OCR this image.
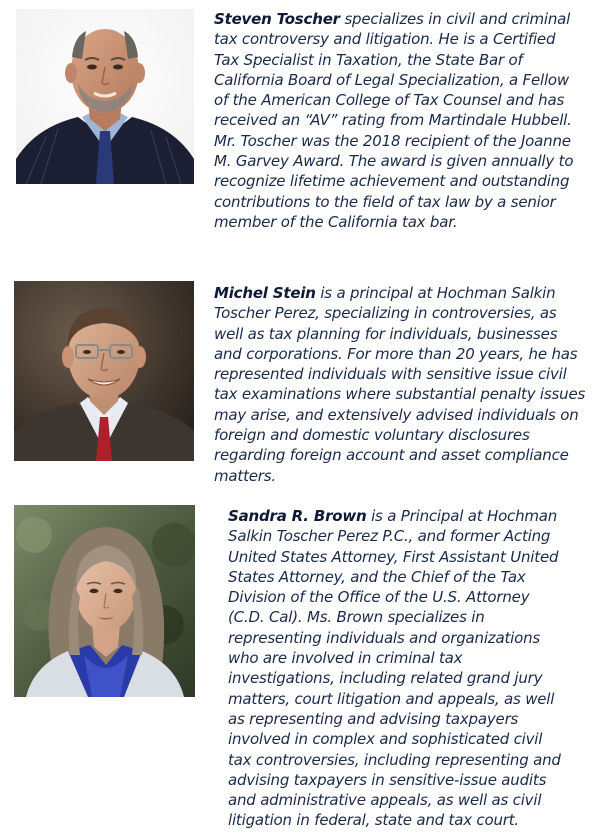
Steven Toscher specializes in civil and criminal tax controversy and litigation. He is a Certified Tax Specialist in Taxation, the State Bar of California Board of Legal Specialization, a Fellow of the American College of Tax Counsel and has received an “AV” rating from Martindale Hubbell. Mr. Toscher was the 2018 recipient of the Joanne M. Garvey Award. The award is given annually to recognize lifetime achievement and outstanding contributions to the field of tax law by a senior member of the California tax bar.
Michel Stein is a principal at Hochman Salkin Toscher Perez, specializing in controversies, as well as tax planning for individuals, businesses and corporations. For more than 20 years, he has represented individuals with sensitive issue civil tax examinations where substantial penalty issues may arise, and extensively advised individuals on foreign and domestic voluntary disclosures regarding foreign account and asset compliance matters.
Sandra R. Brown is a Principal at Hochman Salkin Toscher Perez P.C., and former Acting United States Attorney, First Assistant United States Attorney, and the Chief of the Tax Division of the Office of the U.S. Attorney (C.D. Cal). Ms. Brown specializes in representing individuals and organizations who are involved in criminal tax investigations, including related grand jury matters, court litigation and appeals, as well as representing and advising taxpayers involved in complex and sophisticated civil tax controversies, including representing and advising taxpayers in sensitive-issue audits and administrative appeals, as well as civil litigation in federal, state and tax court.
